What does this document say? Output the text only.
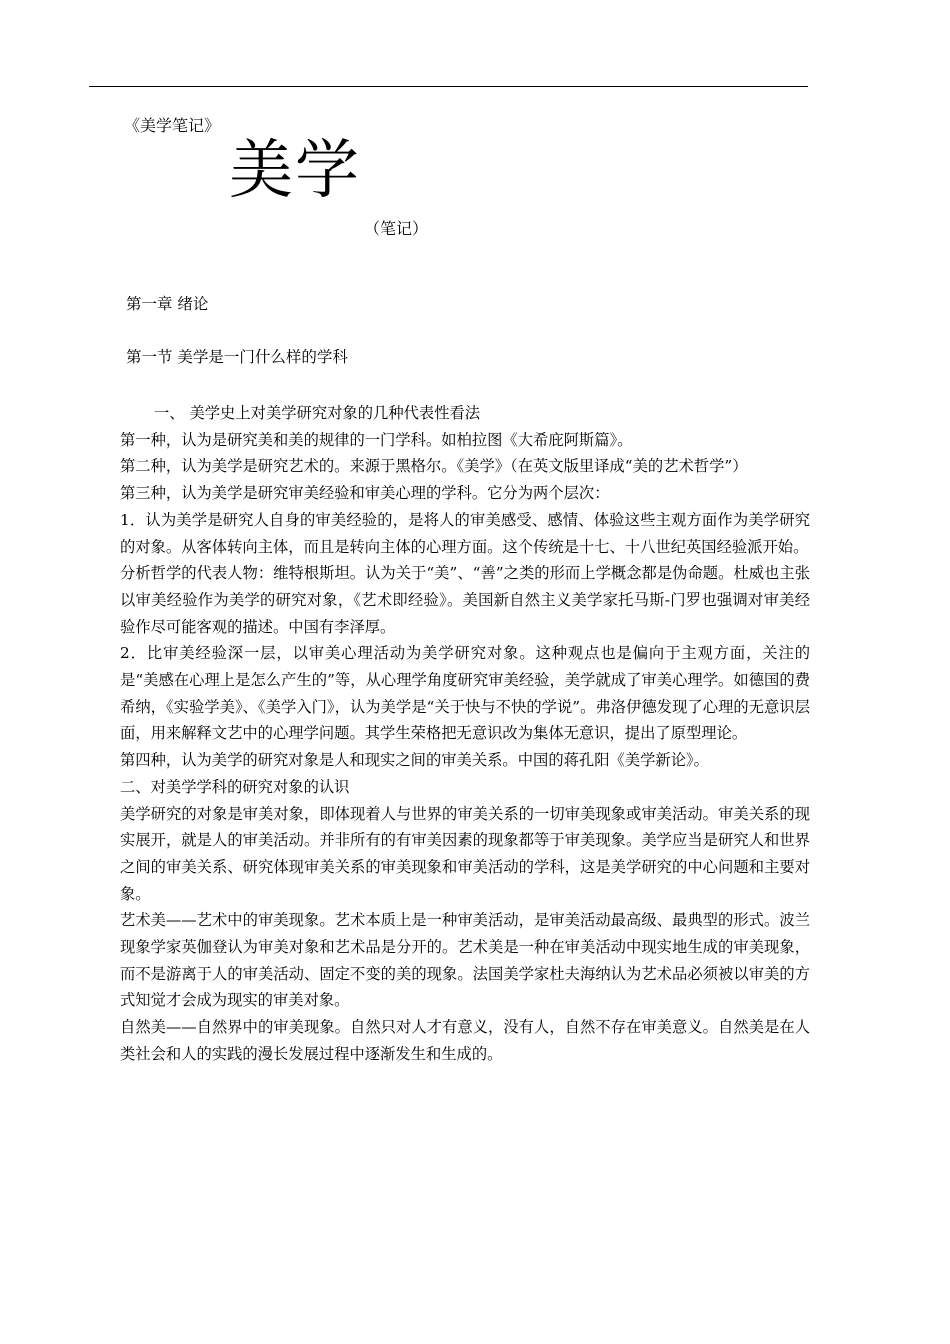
《美学笔记》
美学
（笔记）
第一章 绪论
第一节 美学是一门什么样的学科

一、 美学史上对美学研究对象的几种代表性看法

第一种，认为是研究美和美的规律的一门学科。如柏拉图《大希庇阿斯篇》。

第二种，认为美学是研究艺术的。来源于黑格尔。《美学》（在英文版里译成“美的艺术哲学”）

第三种，认为美学是研究审美经验和审美心理的学科。它分为两个层次：

1．认为美学是研究人自身的审美经验的，是将人的审美感受、感情、体验这些主观方面作为美学研究的对象。从客体转向主体，而且是转向主体的心理方面。这个传统是十七、十八世纪英国经验派开始。

分析哲学的代表人物：维特根斯坦。认为关于“美”、“善”之类的形而上学概念都是伪命题。杜威也主张以审美经验作为美学的研究对象，《艺术即经验》。美国新自然主义美学家托马斯-门罗也强调对审美经验作尽可能客观的描述。中国有李泽厚。

2．比审美经验深一层，以审美心理活动为美学研究对象。这种观点也是偏向于主观方面，关注的是“美感在心理上是怎么产生的”等，从心理学角度研究审美经验，美学就成了审美心理学。如德国的费希纳，《实验学美》、《美学入门》，认为美学是“关于快与不快的学说”。弗洛伊德发现了心理的无意识层面，用来解释文艺中的心理学问题。其学生荣格把无意识改为集体无意识，提出了原型理论。

第四种，认为美学的研究对象是人和现实之间的审美关系。中国的蒋孔阳《美学新论》。

二、对美学学科的研究对象的认识

美学研究的对象是审美对象，即体现着人与世界的审美关系的一切审美现象或审美活动。审美关系的现实展开，就是人的审美活动。并非所有的有审美因素的现象都等于审美现象。美学应当是研究人和世界之间的审美关系、研究体现审美关系的审美现象和审美活动的学科，这是美学研究的中心问题和主要对象。

艺术美——艺术中的审美现象。艺术本质上是一种审美活动，是审美活动最高级、最典型的形式。波兰现象学家英伽登认为审美对象和艺术品是分开的。艺术美是一种在审美活动中现实地生成的审美现象，而不是游离于人的审美活动、固定不变的美的现象。法国美学家杜夫海纳认为艺术品必须被以审美的方式知觉才会成为现实的审美对象。

自然美——自然界中的审美现象。自然只对人才有意义，没有人，自然不存在审美意义。自然美是在人类社会和人的实践的漫长发展过程中逐渐发生和生成的。
